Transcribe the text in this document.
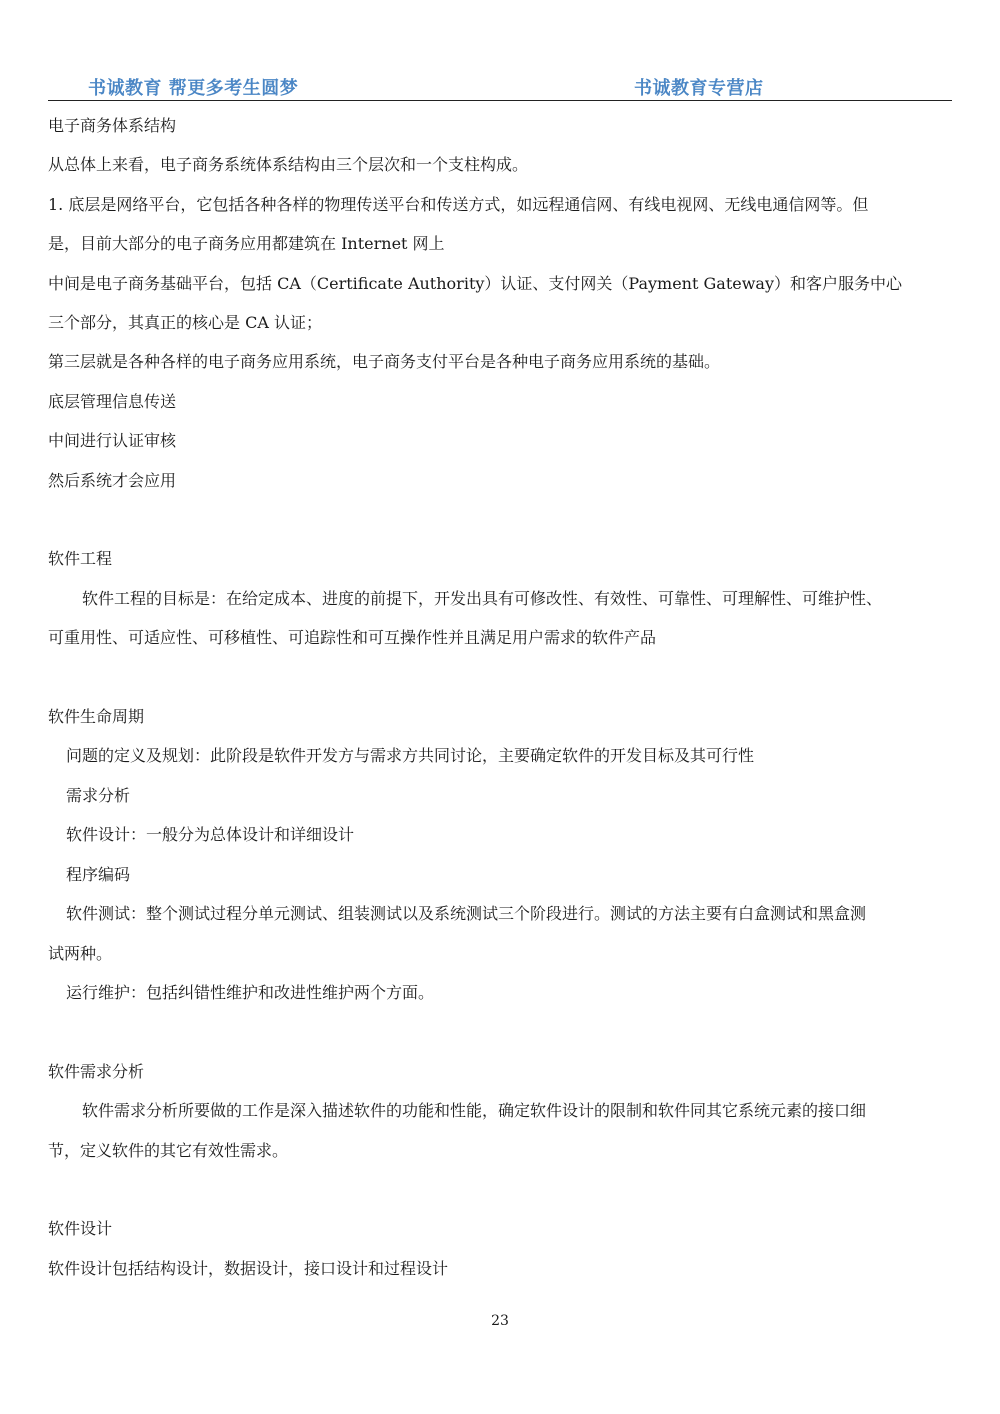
书诚教育 帮更多考生圆梦	书诚教育专营店

电子商务体系结构

从总体上来看，电子商务系统体系结构由三个层次和一个支柱构成。

1. 底层是网络平台，它包括各种各样的物理传送平台和传送方式，如远程通信网、有线电视网、无线电通信网等。但

是，目前大部分的电子商务应用都建筑在 Internet 网上

中间是电子商务基础平台，包括 CA（Certificate Authority）认证、支付网关（Payment Gateway）和客户服务中心

三个部分，其真正的核心是 CA 认证；

第三层就是各种各样的电子商务应用系统，电子商务支付平台是各种电子商务应用系统的基础。

底层管理信息传送

中间进行认证审核

然后系统才会应用

软件工程

软件工程的目标是：在给定成本、进度的前提下，开发出具有可修改性、有效性、可靠性、可理解性、可维护性、

可重用性、可适应性、可移植性、可追踪性和可互操作性并且满足用户需求的软件产品

软件生命周期

问题的定义及规划：此阶段是软件开发方与需求方共同讨论，主要确定软件的开发目标及其可行性

需求分析

软件设计：一般分为总体设计和详细设计

程序编码

软件测试：整个测试过程分单元测试、组装测试以及系统测试三个阶段进行。测试的方法主要有白盒测试和黑盒测

试两种。

运行维护：包括纠错性维护和改进性维护两个方面。

软件需求分析

软件需求分析所要做的工作是深入描述软件的功能和性能，确定软件设计的限制和软件同其它系统元素的接口细

节，定义软件的其它有效性需求。

软件设计

软件设计包括结构设计，数据设计，接口设计和过程设计

23
